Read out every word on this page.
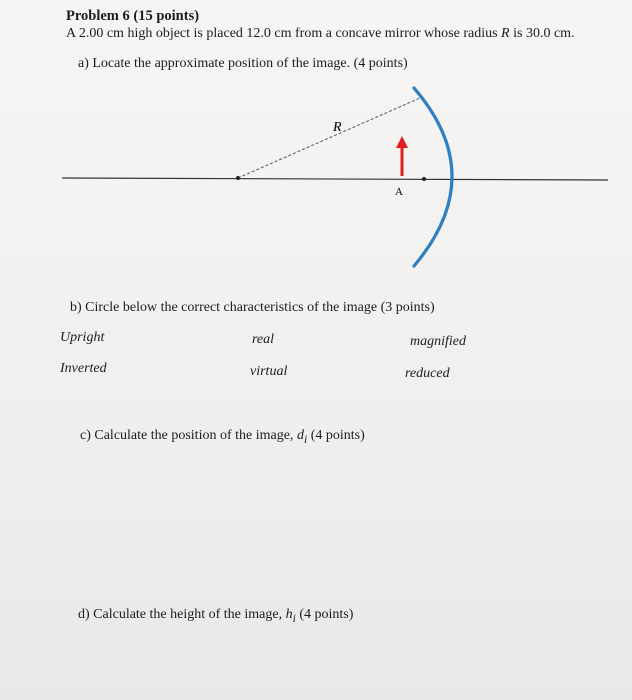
Problem 6 (15 points)
A 2.00 cm high object is placed 12.0 cm from a concave mirror whose radius R is 30.0 cm.
a) Locate the approximate position of the image. (4 points)
R
A
b) Circle below the correct characteristics of the image (3 points)
Upright	real	magnified
Inverted	virtual	reduced
c) Calculate the position of the image, $d_i$ (4 points)
d) Calculate the height of the image, $h_i$ (4 points)
